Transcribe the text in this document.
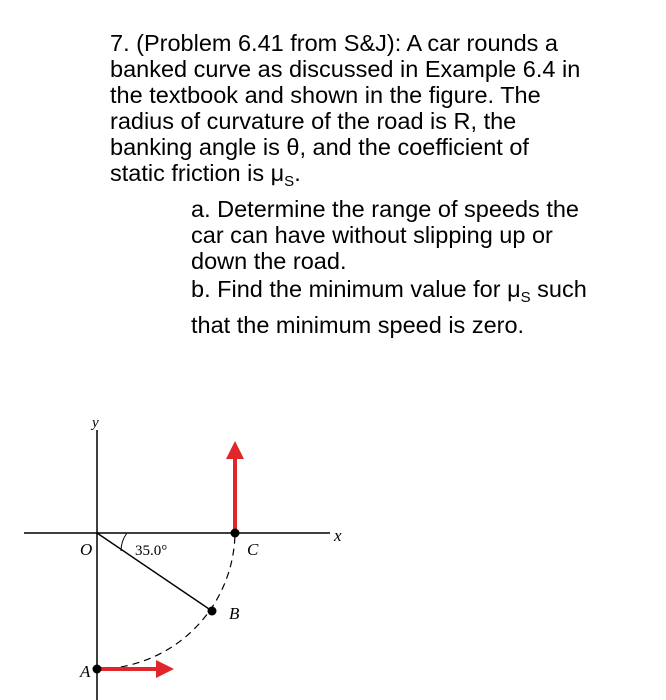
7. (Problem 6.41 from S&J): A car rounds a
banked curve as discussed in Example 6.4 in
the textbook and shown in the figure. The
radius of curvature of the road is R, the
banking angle is θ, and the coefficient of
static friction is $\mu_S$.
a. Determine the range of speeds the
car can have without slipping up or
down the road.
b. Find the minimum value for $\mu_S$ such
that the minimum speed is zero.
y
x
O	35.0°	C
B
A
